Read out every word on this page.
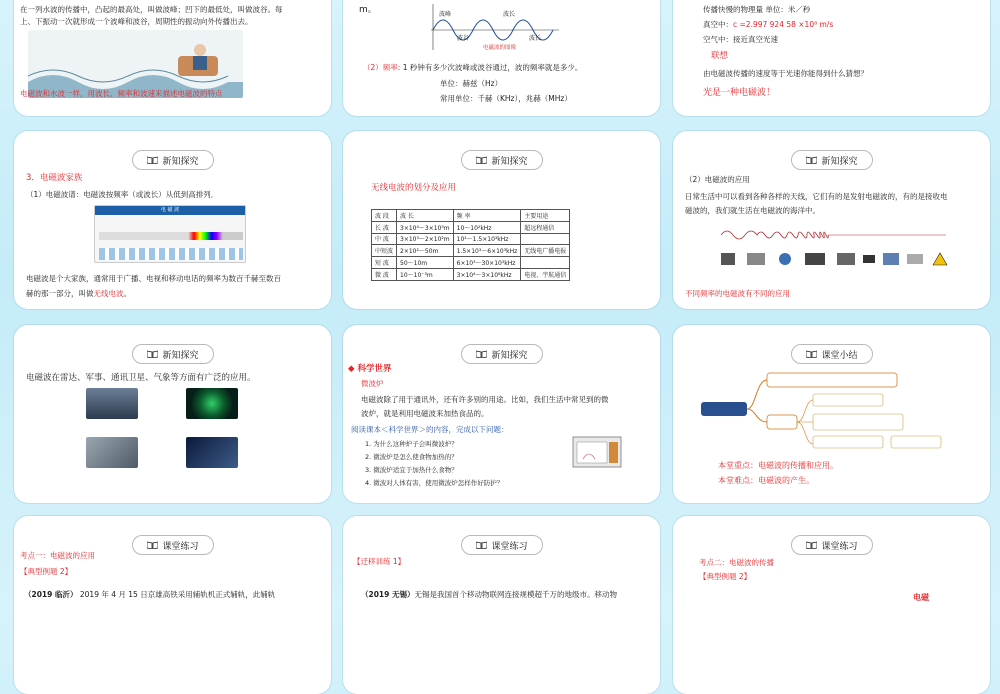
在一列水波的传播中，凸起的最高处，叫做波峰；凹下的最低处，叫做波谷。每
上、下振动一次就形成一个波峰和波谷，周期性的振动向外传播出去。
电磁波和水波一样，用波长、频率和波速来描述电磁波的特点
m。	波峰	波长
波谷	波长
电磁波的图像
（2）频率: 1 秒钟有多少次波峰或波谷通过，波的频率就是多少。
单位：赫兹（Hz）
常用单位：千赫（KHz），兆赫（MHz）
传播快慢的物理量 单位：米／秒
真空中：c =2.997 924 58 ×10⁸ m/s
空气中：接近真空光速
联想
由电磁波传播的速度等于光速你能得到什么猜想？
光是一种电磁波！
新知探究
3．电磁波家族
（1）电磁波谱：电磁波按频率（或波长）从低到高排列．
电 磁 波
电磁波是个大家族，通常用于广播、电视和移动电话的频率为数百千赫至数百
赫的那一部分，叫做无线电波。
新知探究
无线电波的划分及应用
波 段	波 长	频 率	主要用途
长 波	3×10⁴～3×10³m	10～10²kHz	超远程通信
中 波	3×10³～2×10²m	10²～1.5×10³kHz	
中短波	2×10²～50m	1.5×10³～6×10³kHz	无线电广播电报
短 波	50～10m	6×10³～30×10³kHz	
微 波	10～10⁻³m	3×10⁴～3×10⁸kHz	电视、宇航通信
新知探究
（2）电磁波的应用
日常生活中可以看到各种各样的天线，它们有的是发射电磁波的，有的是接收电
磁波的，我们就生活在电磁波的海洋中。
不同频率的电磁波有不同的应用
新知探究
电磁波在雷达、军事、通讯卫星、气象等方面有广泛的应用。
新知探究
◆ 科学世界
微波炉
电磁波除了用于通讯外，还有许多别的用途。比如，我们生活中常见到的微
波炉，就是利用电磁波来加热食品的。
阅读课本＜科学世界＞的内容，完成以下问题：
1. 为什么这种炉子会叫微波炉？
2. 微波炉是怎么使食物加热的？
3. 微波炉适宜于加热什么食物？
4. 微波对人体有害，使用微波炉怎样作好防护？
课堂小结
本堂重点：电磁波的传播和应用。
本堂难点：电磁波的产生。
课堂练习
考点一：电磁波的应用
【典型例题 2】
（2019 临沂） 2019 年 4 月 15 日京雄高铁采用辅轨机正式辅轨，此辅轨
课堂练习
【迁移训练 1】
（2019 无锡）无锡是我国首个移动物联网连接规模超千万的地级市。移动物
课堂练习
考点二：电磁波的传播
【典型例题 2】
电磁
